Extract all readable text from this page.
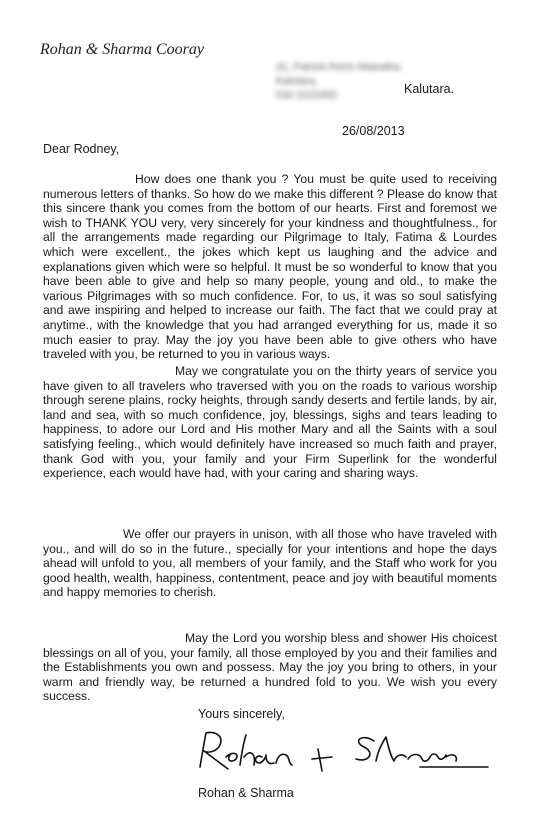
Rohan & Sharma Cooray
31, Patrick Peiris Mawatha
Kalutara.
034 2222455	Kalutara.
26/08/2013
Dear Rodney,

How does one thank you ? You must be quite used to receiving numerous letters of thanks. So how do we make this different ? Please do know that this sincere thank you comes from the bottom of our hearts. First and foremost we wish to THANK YOU very, very sincerely for your kindness and thoughtfulness., for all the arrangements made regarding our Pilgrimage to Italy, Fatima & Lourdes which were excellent., the jokes which kept us laughing and the advice and explanations given which were so helpful. It must be so wonderful to know that you have been able to give and help so many people, young and old., to make the various Pilgrimages with so much confidence. For, to us, it was so soul satisfying and awe inspiring and helped to increase our faith. The fact that we could pray at anytime., with the knowledge that you had arranged everything for us, made it so much easier to pray. May the joy you have been able to give others who have traveled with you, be returned to you in various ways.

May we congratulate you on the thirty years of service you have given to all travelers who traversed with you on the roads to various worship through serene plains, rocky heights, through sandy deserts and fertile lands, by air, land and sea, with so much confidence, joy, blessings, sighs and tears leading to happiness, to adore our Lord and His mother Mary and all the Saints with a soul satisfying feeling., which would definitely have increased so much faith and prayer, thank God with you, your family and your Firm Superlink for the wonderful experience, each would have had, with your caring and sharing ways.

We offer our prayers in unison, with all those who have traveled with you., and will do so in the future., specially for your intentions and hope the days ahead will unfold to you, all members of your family, and the Staff who work for you good health, wealth, happiness, contentment, peace and joy with beautiful moments and happy memories to cherish.

May the Lord you worship bless and shower His choicest blessings on all of you, your family, all those employed by you and their families and the Establishments you own and possess. May the joy you bring to others, in your warm and friendly way, be returned a hundred fold to you. We wish you every success.

Yours sincerely,
Rohan & Sharma
